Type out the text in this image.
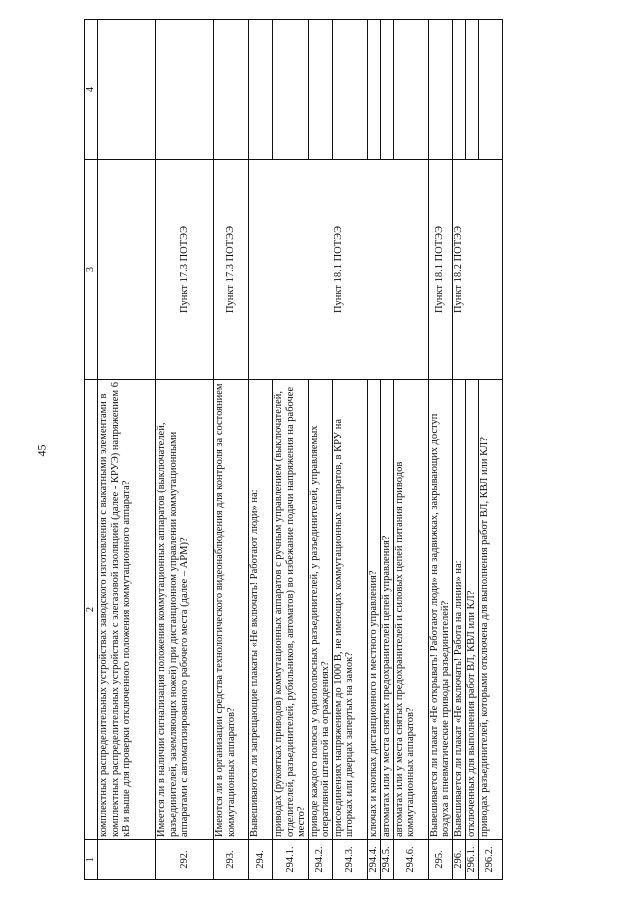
45
1	2	3	4
	комплектных распределительных устройствах заводского изготовления с выкатными элементами в комплектных распределительных устройствах с элегазовой изоляцией (далее - КРУЭ) напряжением 6 кВ и выше для проверки отключенного положения коммутационного аппарата?		
292.	Имеется ли в наличии сигнализация положения коммутационных аппаратов (выключателей, разъединителей, заземляющих ножей) при дистанционном управлении коммутационными аппаратами с автоматизированного рабочего места (далее – АРМ)?	Пункт 17.3 ПОТЭЭ	
293.	Имеются ли в организации средства технологического видеонаблюдения для контроля за состоянием коммутационных аппаратов?	Пункт 17.3 ПОТЭЭ	
294.	Вывешиваются ли запрещающие плакаты «Не включать! Работают люди» на:	Пункт 18.1 ПОТЭЭ	
294.1.	приводах (рукоятках приводов) коммутационных аппаратов с ручным управлением (выключателей, отделителей, разъединителей, рубильников, автоматов) во избежание подачи напряжения на рабочее место?		
294.2.	приводе каждого полюса у однополюсных разъединителей, у разъединителей, управляемых оперативной штангой на ограждениях?		
294.3.	присоединениях напряжением до 1000 В, не имеющих коммутационных аппаратов, в КРУ на шторках или дверцах запертых на замок?		
294.4.	ключах и кнопках дистанционного и местного управления?		
294.5.	автоматах или у места снятых предохранителей цепей управления?		
294.6.	автоматах или у места снятых предохранителей и силовых цепей питания приводов коммутационных аппаратов?		
295.	Вывешивается ли плакат «Не открывать! Работают люди» на задвижках, закрывающих доступ воздуха в пневматические приводы разъединителей?	Пункт 18.1 ПОТЭЭ	
296.	Вывешивается ли плакат «Не включать! Работа на линии» на:	Пункт 18.2 ПОТЭЭ	
296.1.	отключенных для выполнения работ ВЛ, КВЛ или КЛ?		
296.2.	приводах разъединителей, которыми отключена для выполнения работ ВЛ, КВЛ или КЛ?		
